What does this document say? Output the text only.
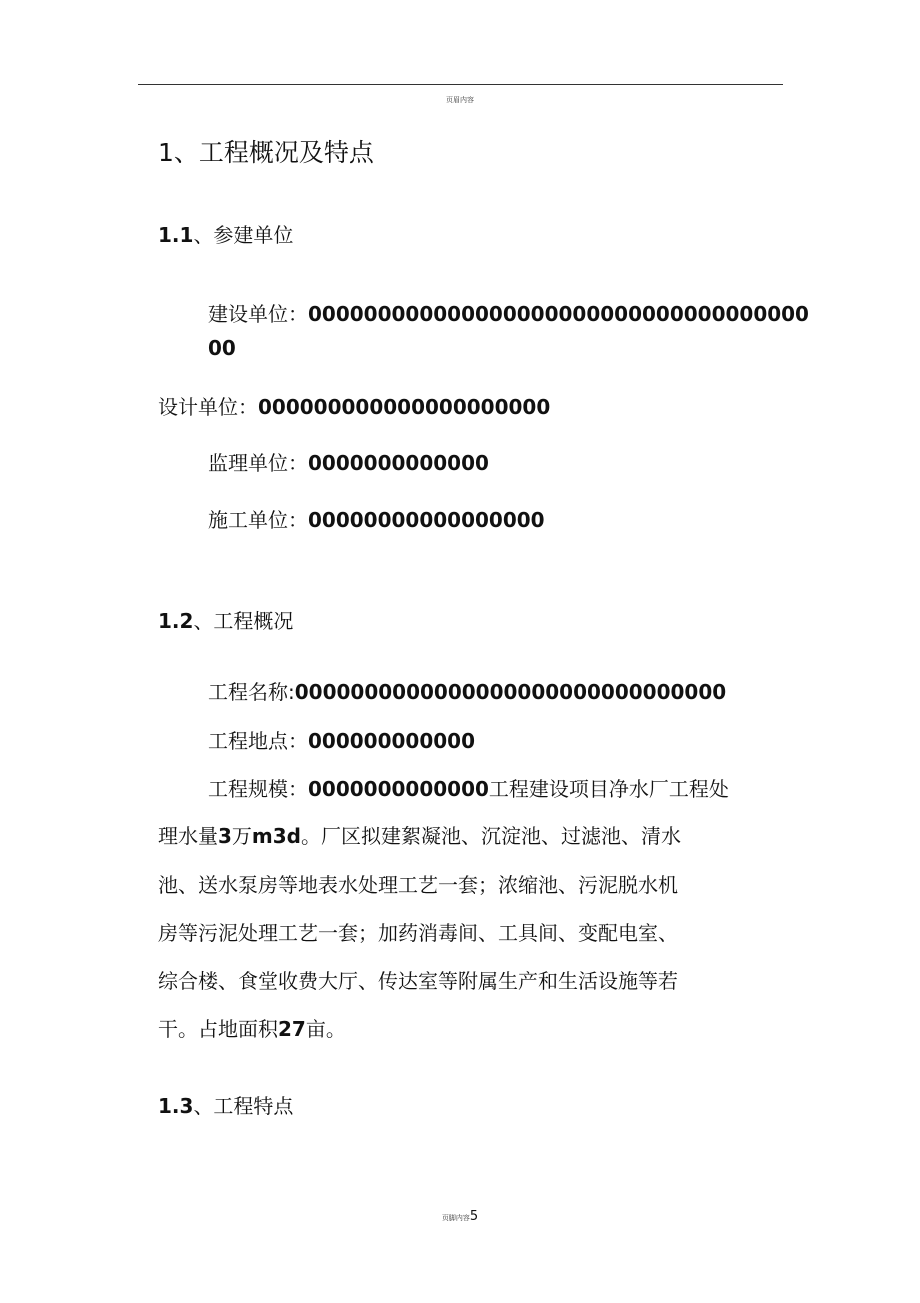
页眉内容
1、工程概况及特点
1.1、参建单位
建设单位：000000000000000000000000000000000000
00
设计单位：000000000000000000000
监理单位：0000000000000
施工单位：00000000000000000
1.2、工程概况
工程名称:0000000000000000000000000000000
工程地点：000000000000
工程规模：0000000000000工程建设项目净水厂工程处
理水量3万m3d。厂区拟建絮凝池、沉淀池、过滤池、清水
池、送水泵房等地表水处理工艺一套；浓缩池、污泥脱水机
房等污泥处理工艺一套；加药消毒间、工具间、变配电室、
综合楼、食堂收费大厅、传达室等附属生产和生活设施等若
干。占地面积27亩。
1.3、工程特点
页脚内容5
